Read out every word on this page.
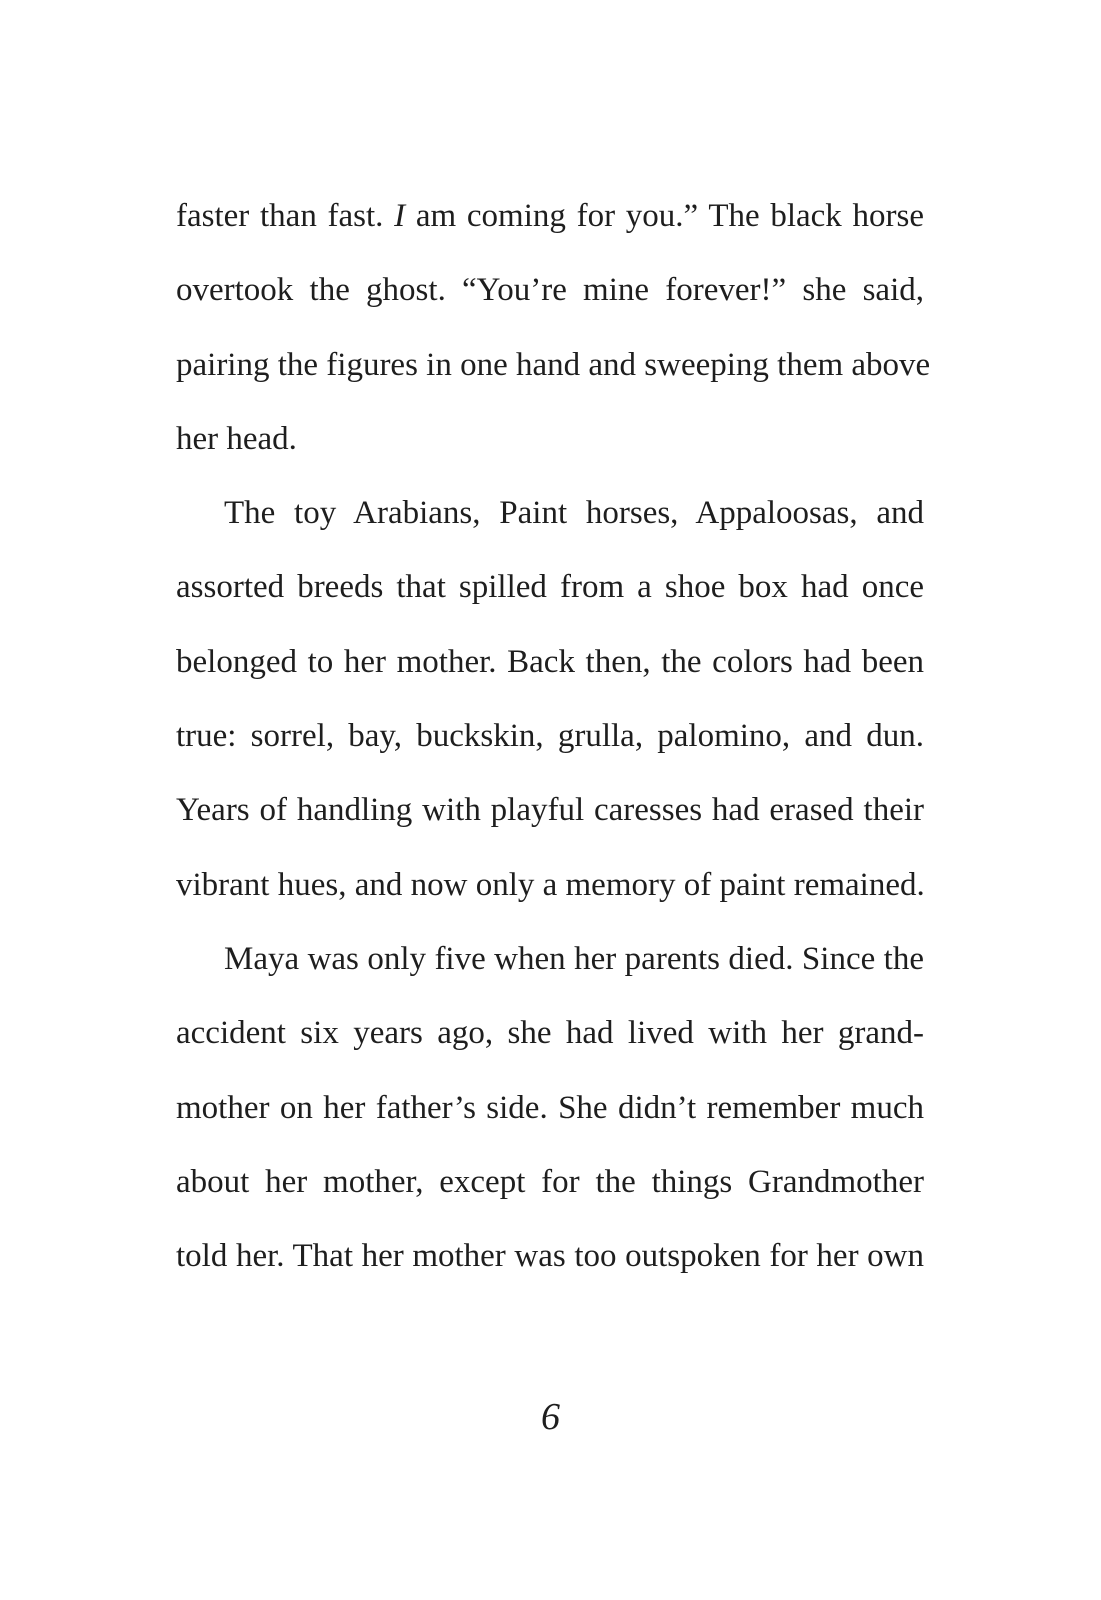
faster than fast. I am coming for you.” The black horse
overtook the ghost. “You’re mine forever!” she said,
pairing the figures in one hand and sweeping them above
her head.
The toy Arabians, Paint horses, Appaloosas, and
assorted breeds that spilled from a shoe box had once
belonged to her mother. Back then, the colors had been
true: sorrel, bay, buckskin, grulla, palomino, and dun.
Years of handling with playful caresses had erased their
vibrant hues, and now only a memory of paint remained.
Maya was only five when her parents died. Since the
accident six years ago, she had lived with her grand-
mother on her father’s side. She didn’t remember much
about her mother, except for the things Grandmother
told her. That her mother was too outspoken for her own
6
